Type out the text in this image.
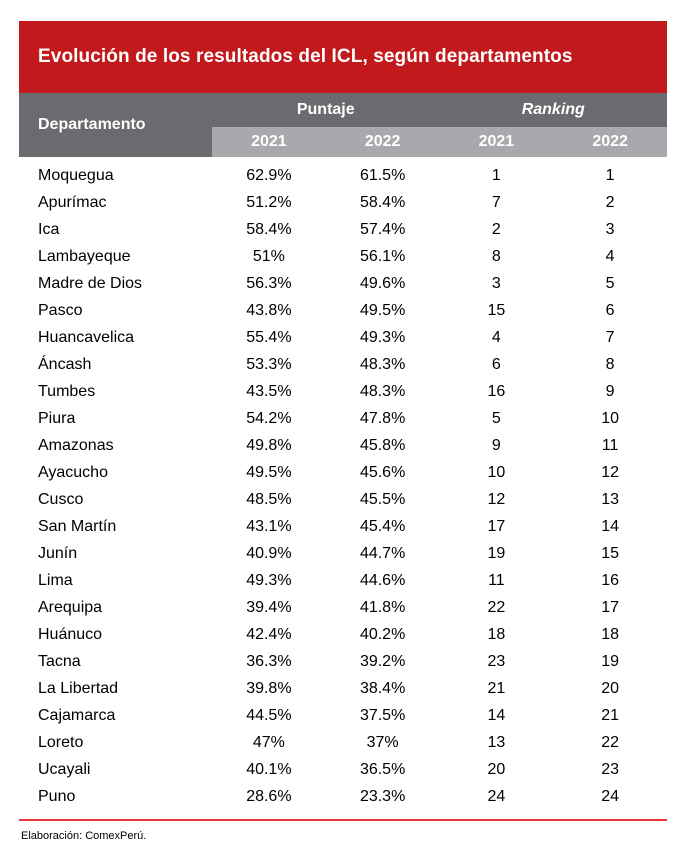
Evolución de los resultados del ICL, según departamentos
Departamento
Puntaje	Ranking
2021	2022	2021	2022
Moquegua	62.9%	61.5%	1	1
Apurímac	51.2%	58.4%	7	2
Ica	58.4%	57.4%	2	3
Lambayeque	51%	56.1%	8	4
Madre de Dios	56.3%	49.6%	3	5
Pasco	43.8%	49.5%	15	6
Huancavelica	55.4%	49.3%	4	7
Áncash	53.3%	48.3%	6	8
Tumbes	43.5%	48.3%	16	9
Piura	54.2%	47.8%	5	10
Amazonas	49.8%	45.8%	9	11
Ayacucho	49.5%	45.6%	10	12
Cusco	48.5%	45.5%	12	13
San Martín	43.1%	45.4%	17	14
Junín	40.9%	44.7%	19	15
Lima	49.3%	44.6%	11	16
Arequipa	39.4%	41.8%	22	17
Huánuco	42.4%	40.2%	18	18
Tacna	36.3%	39.2%	23	19
La Libertad	39.8%	38.4%	21	20
Cajamarca	44.5%	37.5%	14	21
Loreto	47%	37%	13	22
Ucayali	40.1%	36.5%	20	23
Puno	28.6%	23.3%	24	24
Elaboración: ComexPerú.
